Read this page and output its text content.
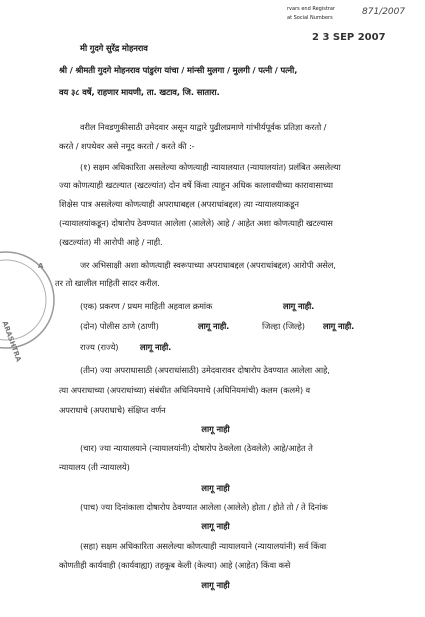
rvars end Registrar
at Social Numbers
871/2007
2 3 SEP 2007
मी गुदगे सुरेंद्र मोहनराव
श्री / श्रीमती गुदगे मोहनराव पांडुरंग यांचा / मांन्सी मुलगा / मुलगी / पत्नी / पत्नी,
वय ३८ वर्षे, राहणार मायणी, ता. खटाव, जि. सातारा.
वरील निवडणुकीसाठी उमेदवार असून याद्वारे पुढीलप्रमाणे गांभीर्यपूर्वक प्रतिज्ञा करतो /
करते / शपथेवर असे नमूद करतो / करते की :-
(१) सक्षम अधिकारिता असलेल्या कोणत्याही न्यायालयात (न्यायालयांत) प्रलंबित असलेल्या
ज्या कोणत्याही खटल्यात (खटल्यांत) दोन वर्षे किंवा त्याहून अधिक कालावधीच्या कारावासाच्या
शिक्षेस पात्र असलेल्या कोणत्याही अपराधाबद्दल (अपराधांबद्दल) त्या न्यायालयाकडून
(न्यायालयांकडून) दोषारोप ठेवण्यात आलेला (आलेले) आहे / आहेत अशा कोणत्याही खटल्यास
(खटल्यांत) मी आरोपी आहे / नाही.
जर अभिसाक्षी अशा कोणत्याही स्वरूपाच्या अपराधाबद्दल (अपराधांबद्दल) आरोपी असेल,
तर तो खालील माहिती सादर करील.
(एक) प्रकरण / प्रथम माहिती अहवाल क्रमांक	लागू नाही.
(दोन) पोलीस ठाणे (ठाणी)	लागू नाही.	जिल्हा (जिल्हे) लागू नाही.
राज्य (राज्ये)	लागू नाही.
(तीन) ज्या अपराधासाठी (अपराधांसाठी) उमेदवारावर दोषारोप ठेवण्यात आलेला आहे,
त्या अपराधाच्या (अपराधांच्या) संबंधीत अधिनियमाचे (अधिनियमांची) कलम (कलमे) व
अपराधाचे (अपराधाचे) संक्षिप्त वर्णन
लागू नाही
(चार) ज्या न्यायालयाने (न्यायालयांनी) दोषारोप ठेवलेला (ठेवलेले) आहे/आहेत ते
न्यायालय (ती न्यायालये)
लागू नाही
(पाच) ज्या दिनांकाला दोषारोप ठेवण्यात आलेला (आलेले) होता / होते तो / ते दिनांक
लागू नाही
(सहा) सक्षम अधिकारिता असलेल्या कोणत्याही न्यायालयाने (न्यायालयांनी) सर्व किंवा
कोणतीही कार्यवाही (कार्यवाह्या) तहकूब केली (केल्या) आहे (आहेत) किंवा कसे
लागू नाही
A
ARASHTRA
